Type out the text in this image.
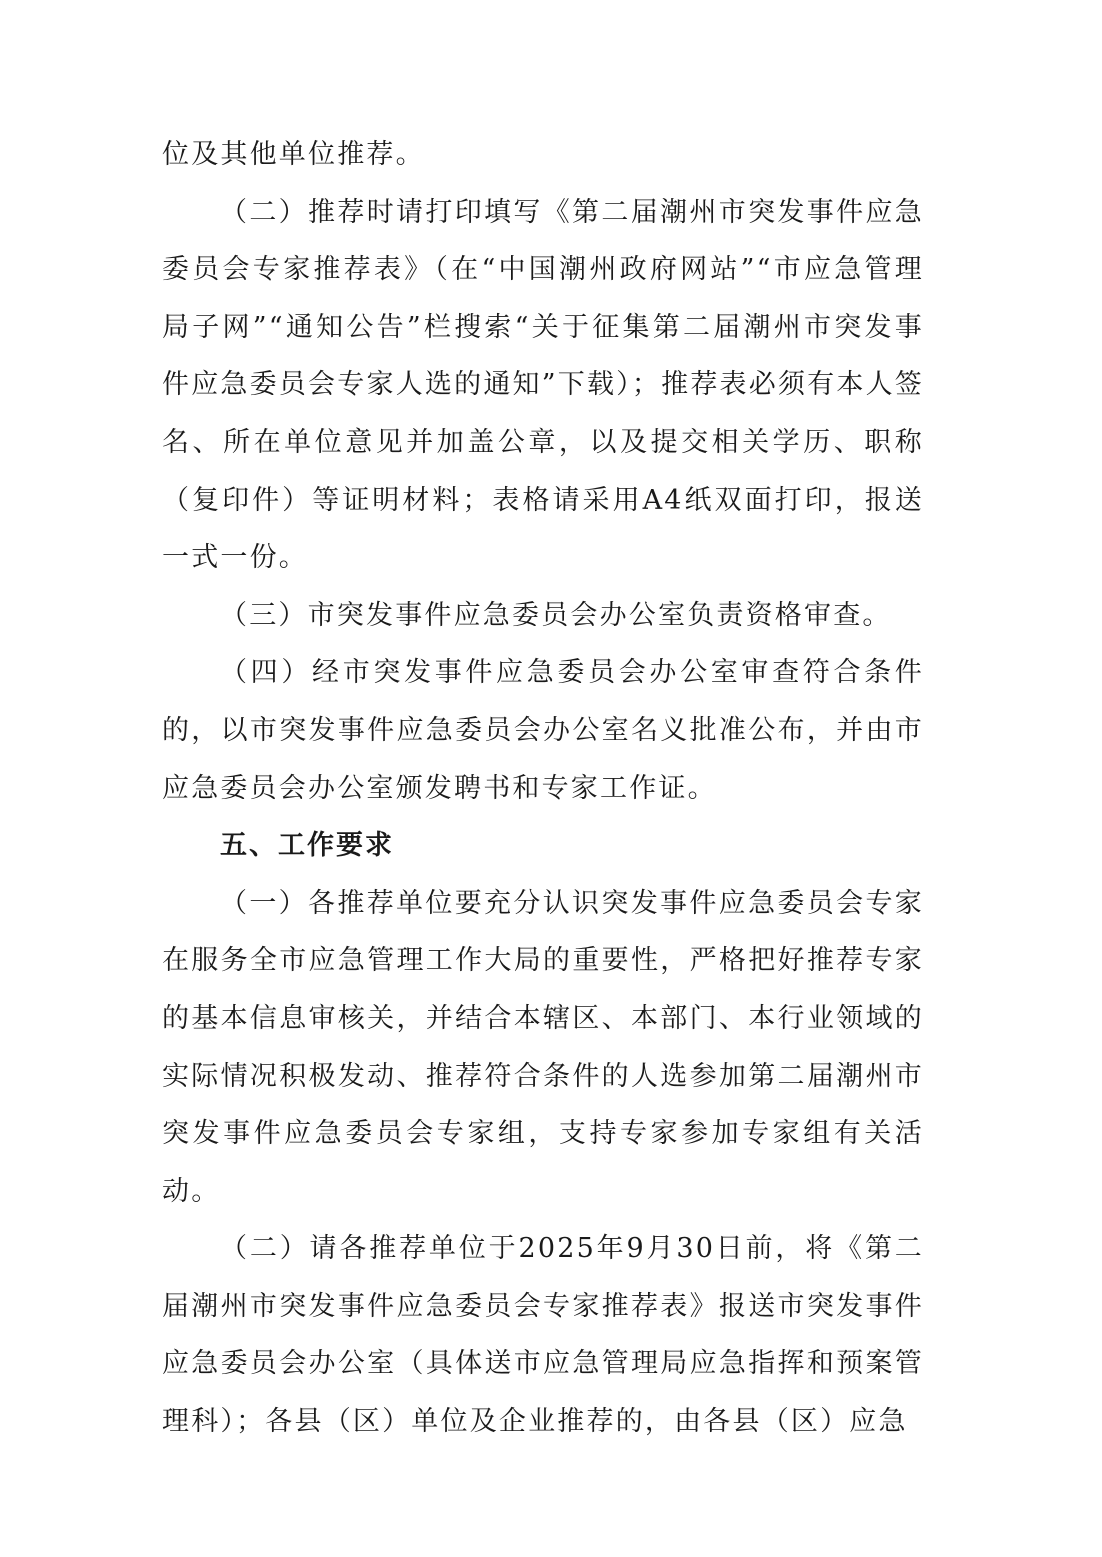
位及其他单位推荐。

（二）推荐时请打印填写《第二届潮州市突发事件应急委员会专家推荐表》（在“中国潮州政府网站”“市应急管理局子网”“通知公告”栏搜索“关于征集第二届潮州市突发事件应急委员会专家人选的通知”下载）；推荐表必须有本人签名、所在单位意见并加盖公章，以及提交相关学历、职称（复印件）等证明材料；表格请采用A4纸双面打印，报送一式一份。

（三）市突发事件应急委员会办公室负责资格审查。

（四）经市突发事件应急委员会办公室审查符合条件的，以市突发事件应急委员会办公室名义批准公布，并由市应急委员会办公室颁发聘书和专家工作证。

五、工作要求

（一）各推荐单位要充分认识突发事件应急委员会专家在服务全市应急管理工作大局的重要性，严格把好推荐专家的基本信息审核关，并结合本辖区、本部门、本行业领域的实际情况积极发动、推荐符合条件的人选参加第二届潮州市突发事件应急委员会专家组，支持专家参加专家组有关活动。

（二）请各推荐单位于2025年9月30日前，将《第二届潮州市突发事件应急委员会专家推荐表》报送市突发事件应急委员会办公室（具体送市应急管理局应急指挥和预案管理科）；各县（区）单位及企业推荐的，由各县（区）应急
